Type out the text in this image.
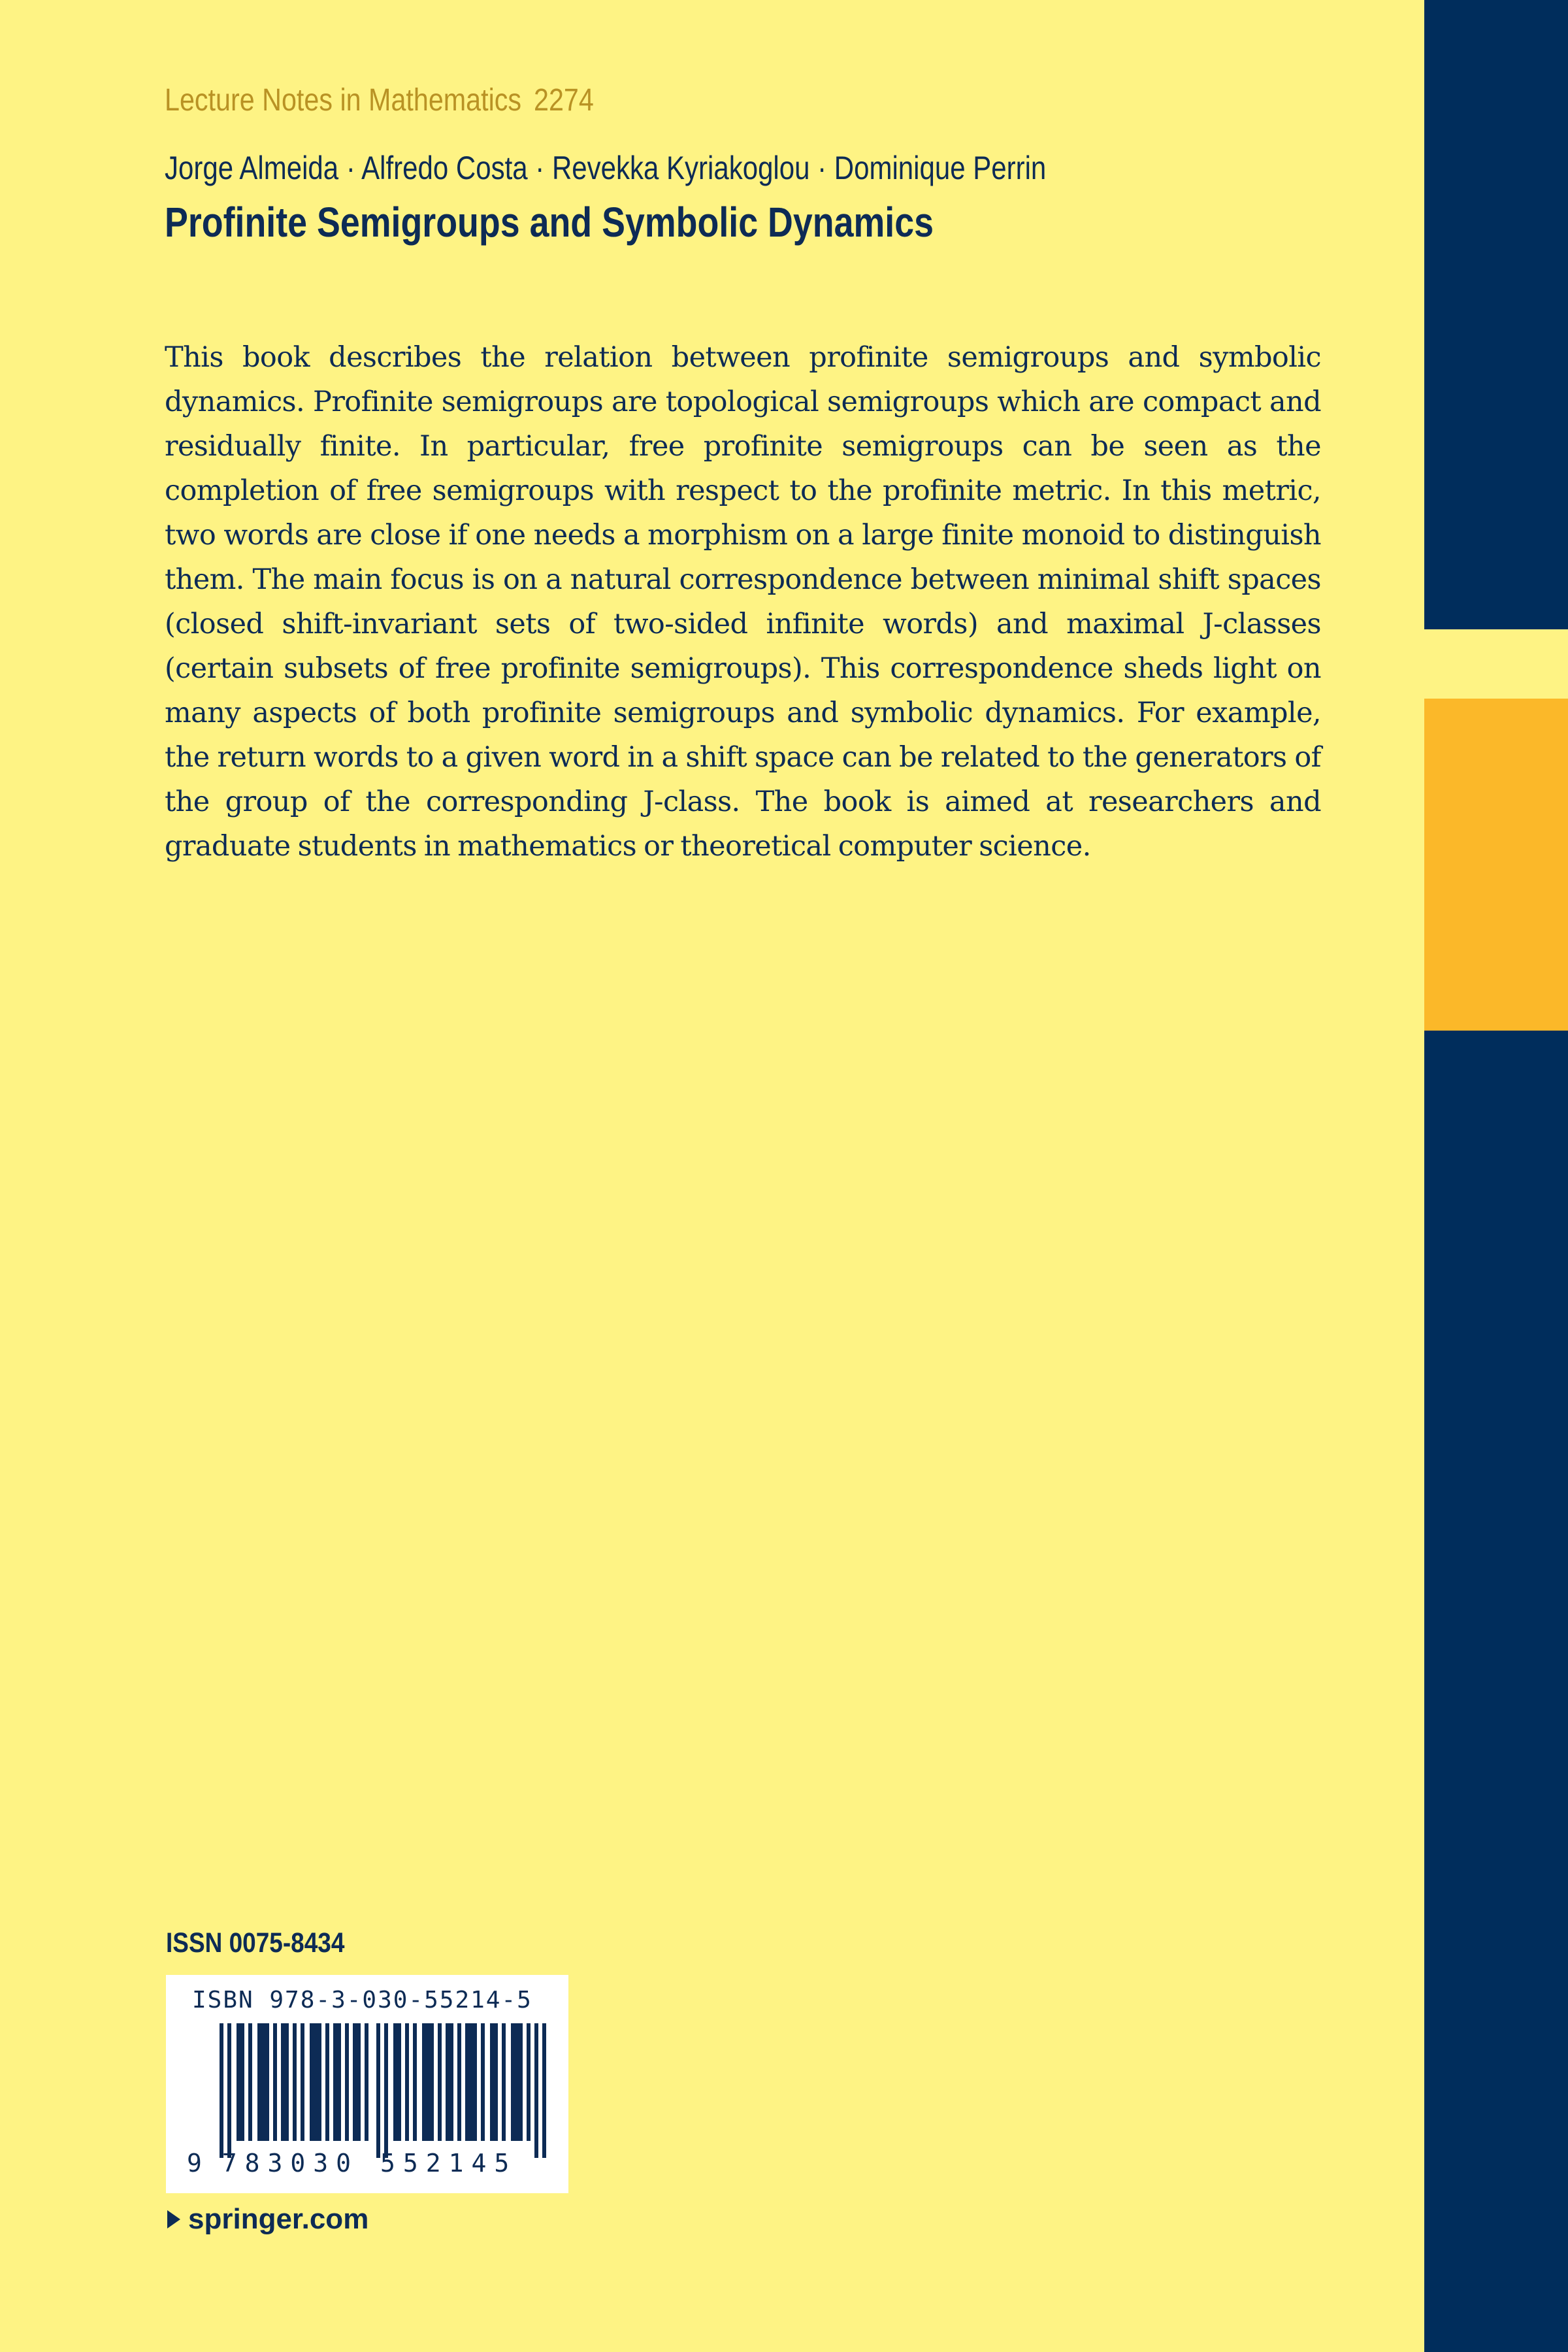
Lecture Notes in Mathematics 2274
Jorge Almeida · Alfredo Costa · Revekka Kyriakoglou · Dominique Perrin
Profinite Semigroups and Symbolic Dynamics
This book describes the relation between profinite semigroups and symbolic dynamics. Profinite semigroups are topological semigroups which are compact and residually finite. In particular, free profinite semigroups can be seen as the completion of free semigroups with respect to the profinite metric. In this metric, two words are close if one needs a morphism on a large finite monoid to distinguish them. The main focus is on a natural correspondence between minimal shift spaces (closed shift-invariant sets of two-sided infinite words) and maximal J-classes (certain subsets of free profinite semigroups). This correspondence sheds light on many aspects of both profinite semigroups and symbolic dynamics. For example, the return words to a given word in a shift space can be related to the generators of the group of the corresponding J-class. The book is aimed at researchers and graduate students in mathematics or theoretical computer science.
ISSN 0075-8434
ISBN 978-3-030-55214-5
9 783030 552145
springer.com
